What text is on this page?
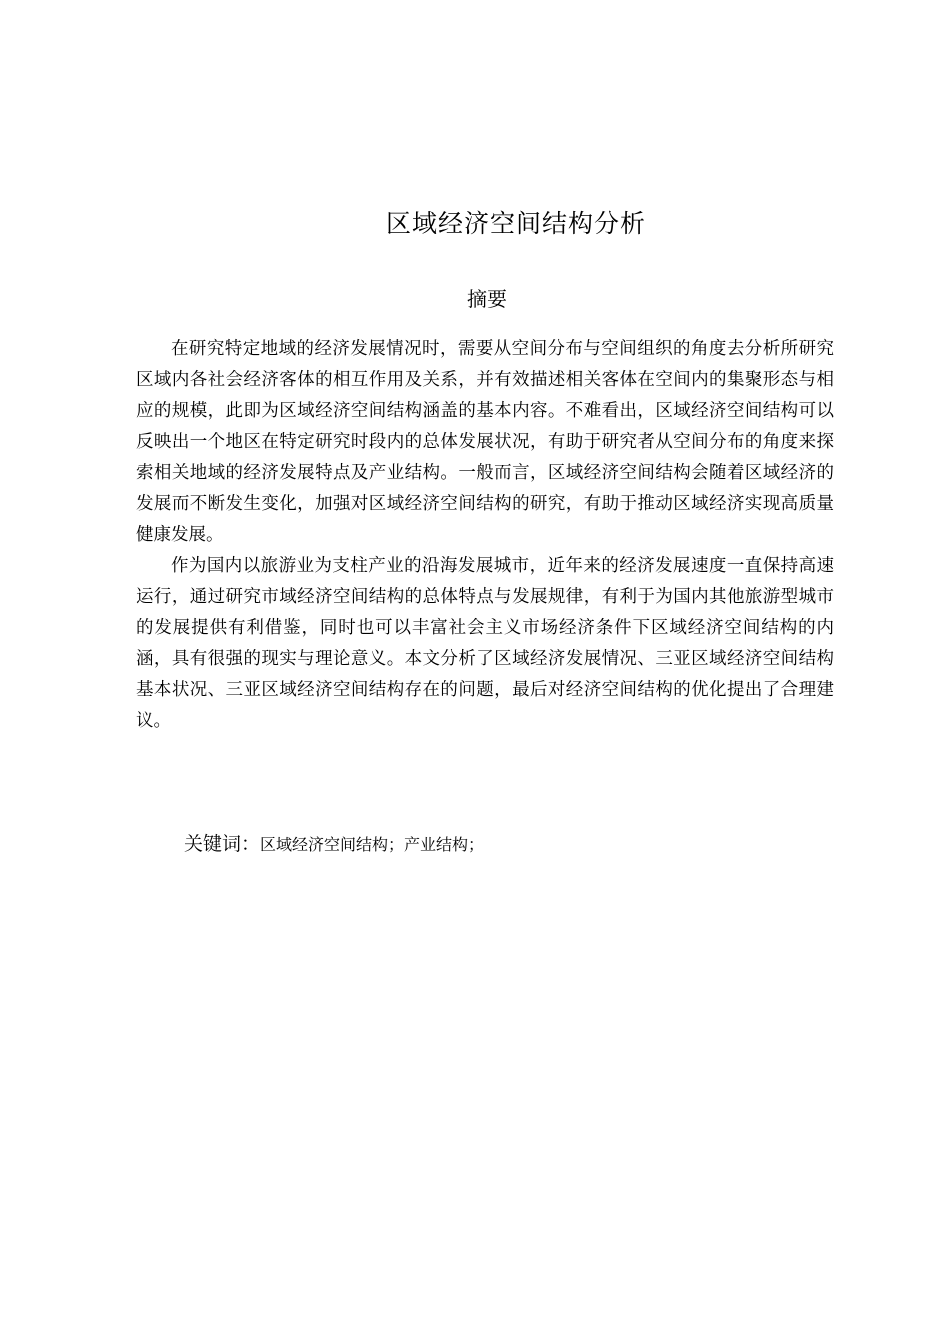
区域经济空间结构分析
摘要

在研究特定地域的经济发展情况时，需要从空间分布与空间组织的角度去分析所研究区域内各社会经济客体的相互作用及关系，并有效描述相关客体在空间内的集聚形态与相应的规模，此即为区域经济空间结构涵盖的基本内容。不难看出，区域经济空间结构可以反映出一个地区在特定研究时段内的总体发展状况，有助于研究者从空间分布的角度来探索相关地域的经济发展特点及产业结构。一般而言，区域经济空间结构会随着区域经济的发展而不断发生变化，加强对区域经济空间结构的研究，有助于推动区域经济实现高质量健康发展。

作为国内以旅游业为支柱产业的沿海发展城市，近年来的经济发展速度一直保持高速运行，通过研究市域经济空间结构的总体特点与发展规律，有利于为国内其他旅游型城市的发展提供有利借鉴，同时也可以丰富社会主义市场经济条件下区域经济空间结构的内涵，具有很强的现实与理论意义。本文分析了区域经济发展情况、三亚区域经济空间结构基本状况、三亚区域经济空间结构存在的问题，最后对经济空间结构的优化提出了合理建议。

关键词：区域经济空间结构；产业结构；
